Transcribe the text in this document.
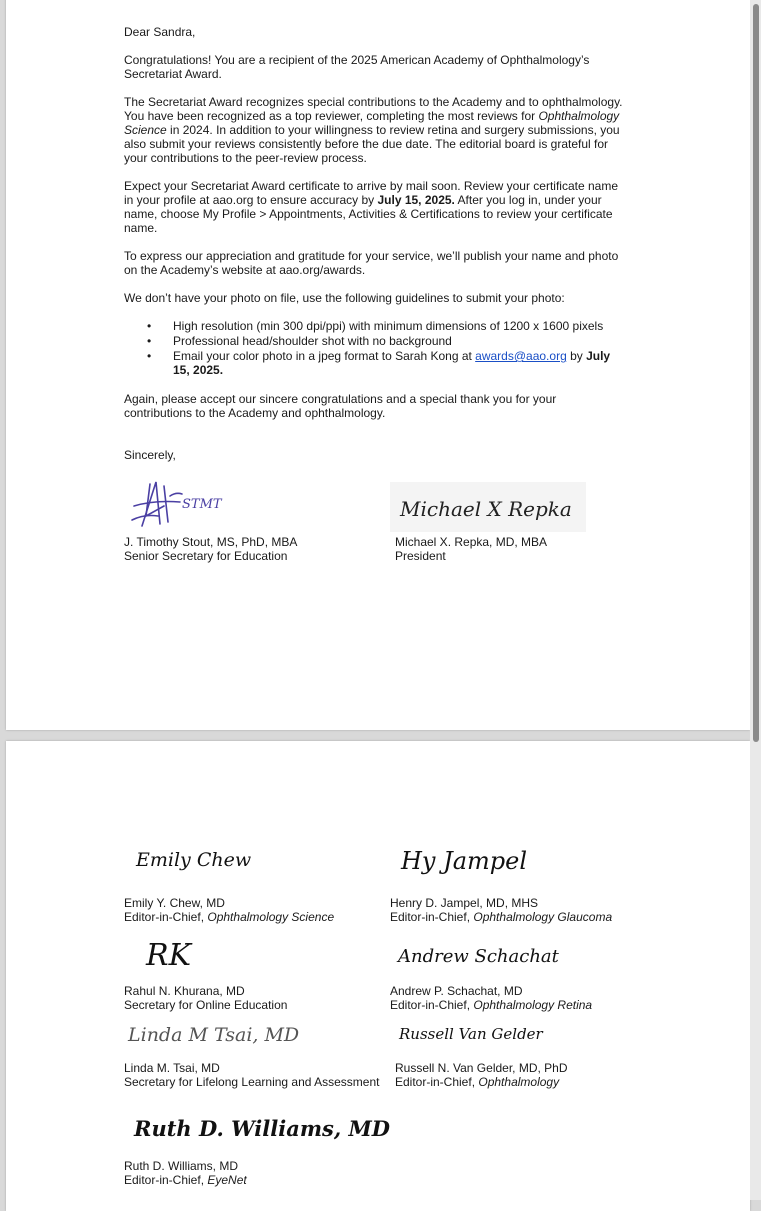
Dear Sandra,

Congratulations! You are a recipient of the 2025 American Academy of Ophthalmology’s Secretariat Award.

The Secretariat Award recognizes special contributions to the Academy and to ophthalmology. You have been recognized as a top reviewer, completing the most reviews for Ophthalmology Science in 2024. In addition to your willingness to review retina and surgery submissions, you also submit your reviews consistently before the due date. The editorial board is grateful for your contributions to the peer-review process.

Expect your Secretariat Award certificate to arrive by mail soon. Review your certificate name in your profile at aao.org to ensure accuracy by July 15, 2025. After you log in, under your name, choose My Profile > Appointments, Activities & Certifications to review your certificate name.

To express our appreciation and gratitude for your service, we’ll publish your name and photo on the Academy’s website at aao.org/awards.

We don’t have your photo on file, use the following guidelines to submit your photo:

• High resolution (min 300 dpi/ppi) with minimum dimensions of 1200 x 1600 pixels
• Professional head/shoulder shot with no background
• Email your color photo in a jpeg format to Sarah Kong at awards@aao.org by July 15, 2025.

Again, please accept our sincere congratulations and a special thank you for your contributions to the Academy and ophthalmology.

Sincerely,

STMT
J. Timothy Stout, MS, PhD, MBA
Senior Secretary for Education
Michael X Repka
Michael X. Repka, MD, MBA
President
Emily Chew
Emily Y. Chew, MD
Editor-in-Chief, Ophthalmology Science
Hy Jampel
Henry D. Jampel, MD, MHS
Editor-in-Chief, Ophthalmology Glaucoma
RK
Rahul N. Khurana, MD
Secretary for Online Education
Andrew Schachat
Andrew P. Schachat, MD
Editor-in-Chief, Ophthalmology Retina
Linda M Tsai, MD
Linda M. Tsai, MD
Secretary for Lifelong Learning and Assessment
Russell Van Gelder
Russell N. Van Gelder, MD, PhD
Editor-in-Chief, Ophthalmology
Ruth D. Williams, MD
Ruth D. Williams, MD
Editor-in-Chief, EyeNet
